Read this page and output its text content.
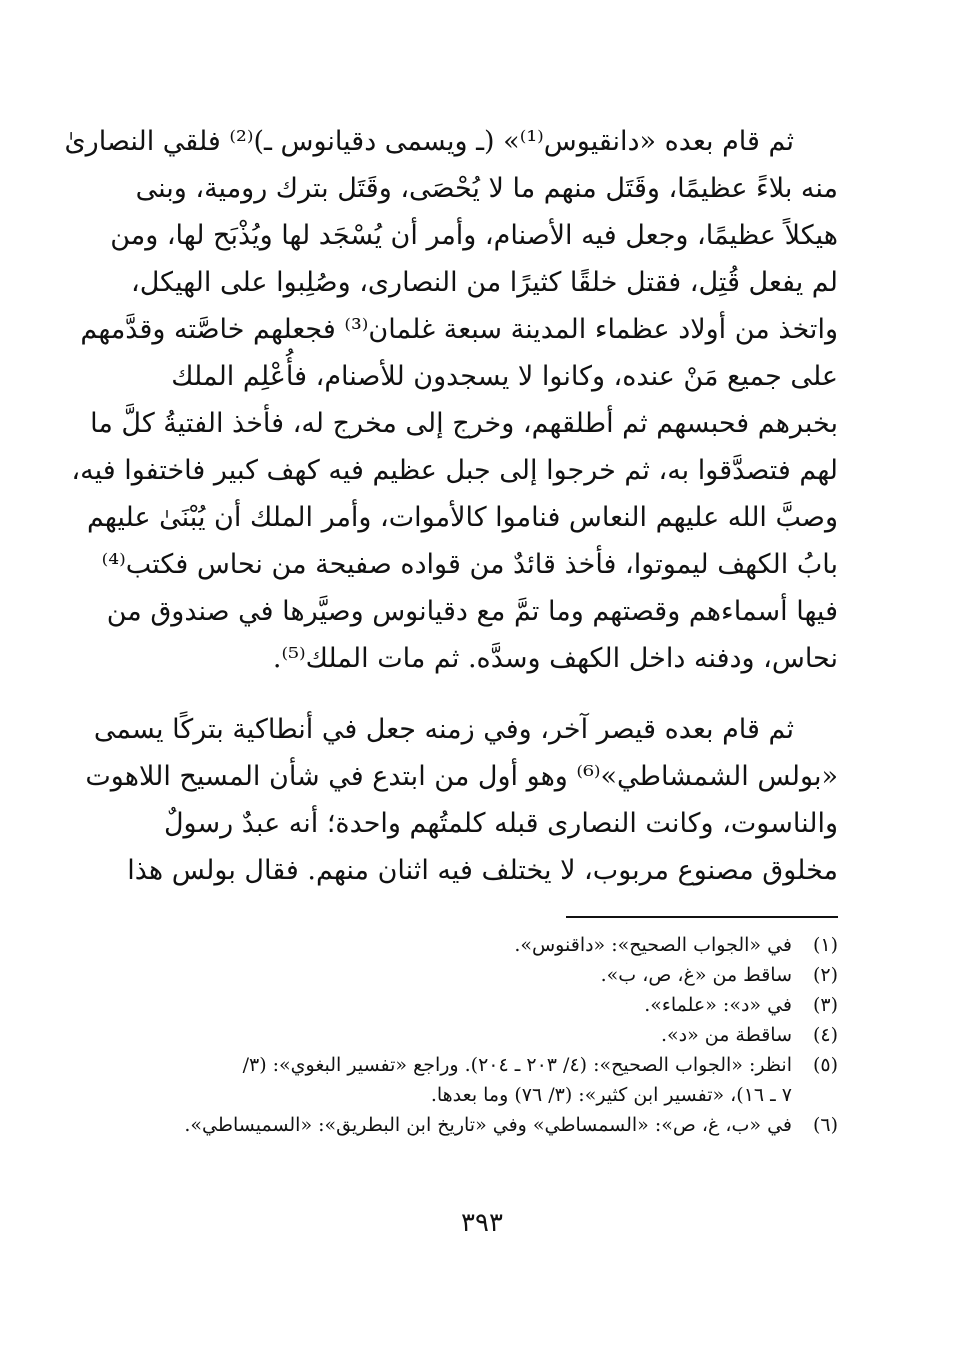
ثم قام بعده «دانقيوس⁽¹⁾» (ـ ويسمى دقيانوس ـ)⁽²⁾ فلقي النصارىٰ
منه بلاءً عظيمًا، وقَتَل منهم ما لا يُحْصَى، وقَتَل بترك رومية، وبنى
هيكلاً عظيمًا، وجعل فيه الأصنام، وأمر أن يُسْجَد لها ويُذْبَح لها، ومن
لم يفعل قُتِل، فقتل خلقًا كثيرًا من النصارى، وصُلِبوا على الهيكل،
واتخذ من أولاد عظماء المدينة سبعة غلمان⁽³⁾ فجعلهم خاصَّته وقدَّمهم
على جميع مَنْ عنده، وكانوا لا يسجدون للأصنام، فأُعْلِم الملك
بخبرهم فحبسهم ثم أطلقهم، وخرج إلى مخرج له، فأخذ الفتيةُ كلَّ ما
لهم فتصدَّقوا به، ثم خرجوا إلى جبل عظيم فيه كهف كبير فاختفوا فيه،
وصبَّ الله عليهم النعاس فناموا كالأموات، وأمر الملك أن يُبْنَىٰ عليهم
بابُ الكهف ليموتوا، فأخذ قائدٌ من قواده صفيحة من نحاس فكتب⁽⁴⁾
فيها أسماءهم وقصتهم وما تمَّ مع دقيانوس وصيَّرها في صندوق من
نحاس، ودفنه داخل الكهف وسدَّه. ثم مات الملك⁽⁵⁾.
ثم قام بعده قيصر آخر، وفي زمنه جعل في أنطاكية بتركًا يسمى
«بولس الشمشاطي»⁽⁶⁾ وهو أول من ابتدع في شأن المسيح اللاهوت
والناسوت، وكانت النصارى قبله كلمتُهم واحدة؛ أنه عبدٌ رسولٌ
مخلوق مصنوع مربوب، لا يختلف فيه اثنان منهم. فقال بولس هذا
(١)
في «الجواب الصحيح»: «داقنوس».
(٢)
ساقط من «غ، ص، ب».
(٣)
في «د»: «علماء».
(٤)
ساقطة من «د».
(٥)
انظر: «الجواب الصحيح»: (٤/ ٢٠٣ ـ ٢٠٤). وراجع «تفسير البغوي»: (٣/
٧ ـ ١٦)، «تفسير ابن كثير»: (٣/ ٧٦) وما بعدها.
(٦)
في «ب، غ، ص»: «السمساطي» وفي «تاريخ ابن البطريق»: «السميساطي».
٣٩٣
